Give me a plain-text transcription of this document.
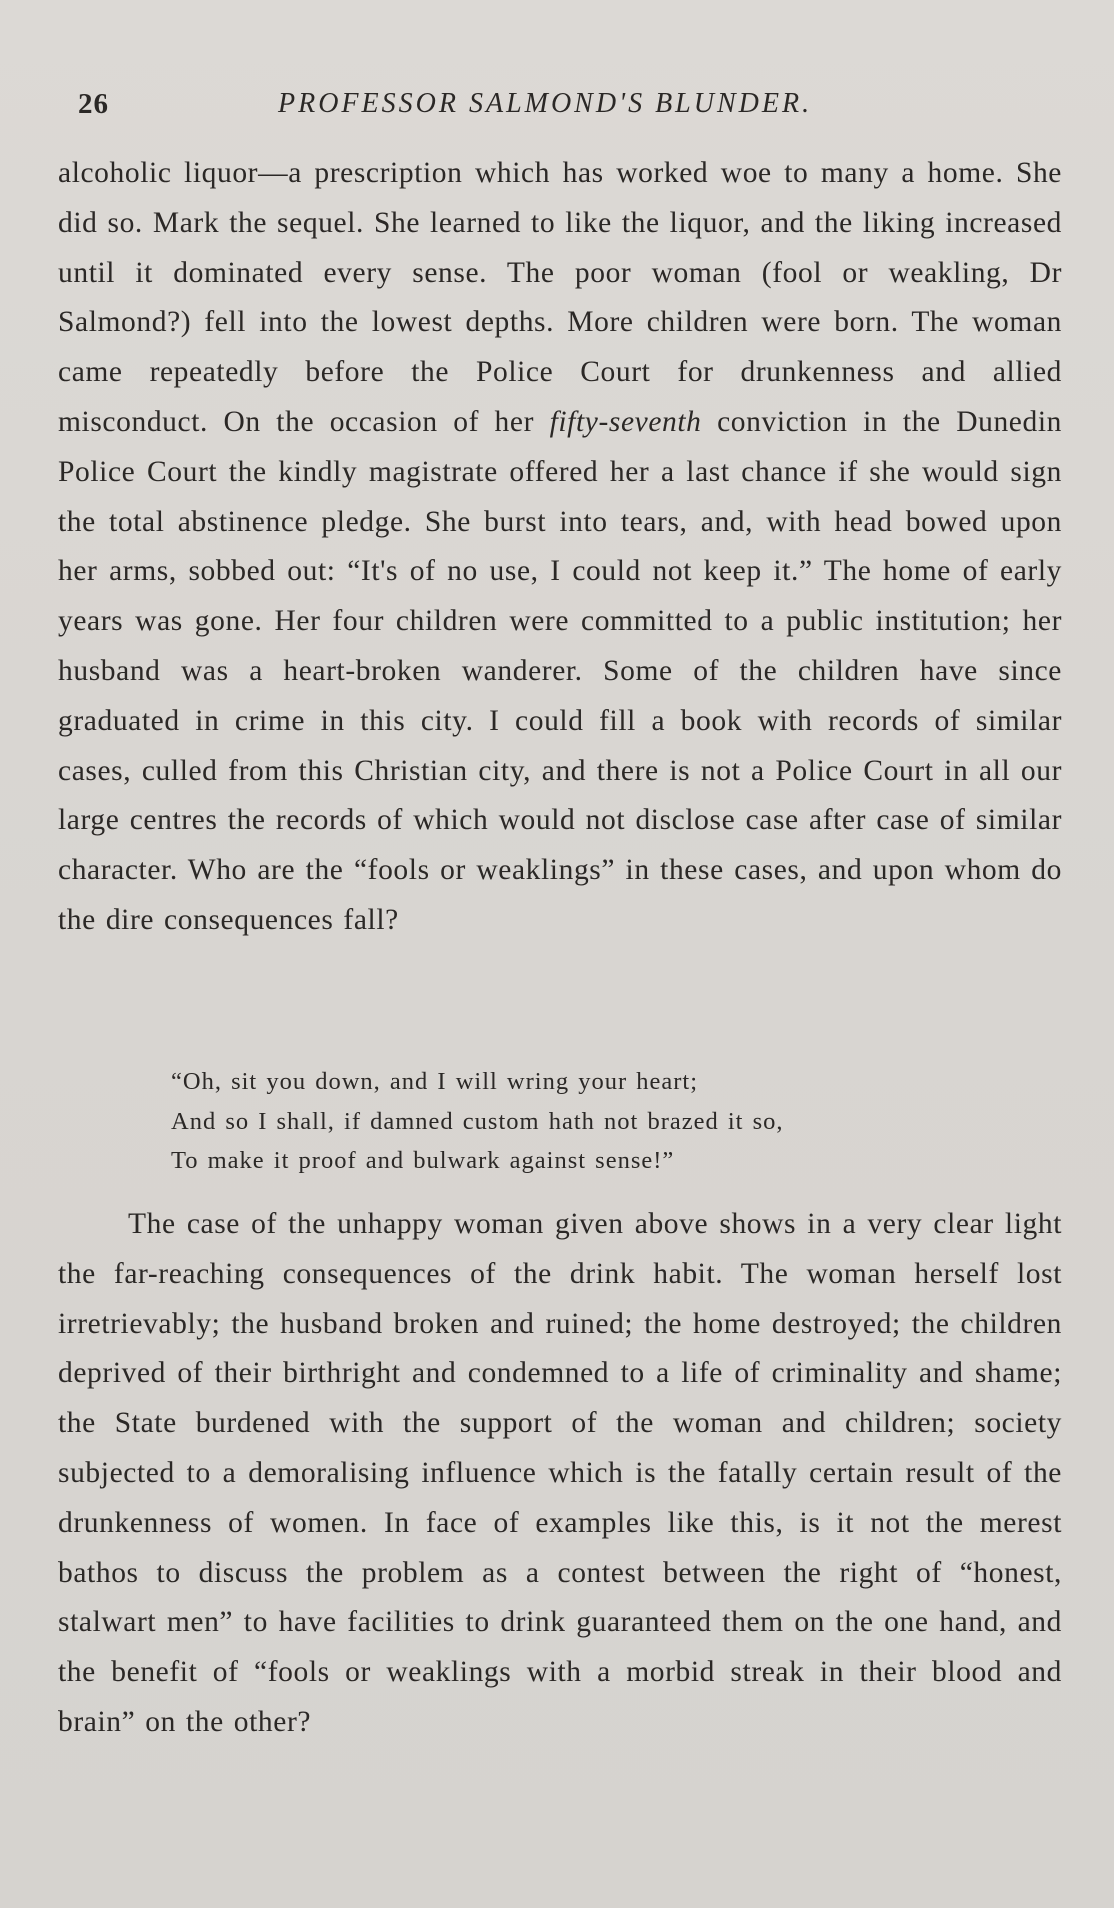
26	PROFESSOR SALMOND'S BLUNDER.

alcoholic liquor—a prescription which has worked woe to many a home. She did so. Mark the sequel. She learned to like the liquor, and the liking increased until it dominated every sense. The poor woman (fool or weakling, Dr Salmond?) fell into the lowest depths. More children were born. The woman came repeatedly before the Police Court for drunkenness and allied misconduct. On the occasion of her fifty-seventh conviction in the Dunedin Police Court the kindly magistrate offered her a last chance if she would sign the total abstinence pledge. She burst into tears, and, with head bowed upon her arms, sobbed out: “It's of no use, I could not keep it.” The home of early years was gone. Her four children were committed to a public institution; her husband was a heart-broken wanderer. Some of the children have since graduated in crime in this city. I could fill a book with records of similar cases, culled from this Christian city, and there is not a Police Court in all our large centres the records of which would not disclose case after case of similar character. Who are the “fools or weaklings” in these cases, and upon whom do the dire consequences fall?

“Oh, sit you down, and I will wring your heart;
And so I shall, if damned custom hath not brazed it so,
To make it proof and bulwark against sense!”

The case of the unhappy woman given above shows in a very clear light the far-reaching consequences of the drink habit. The woman herself lost irretrievably; the husband broken and ruined; the home destroyed; the children deprived of their birthright and condemned to a life of criminality and shame; the State burdened with the support of the woman and children; society subjected to a demoralising influence which is the fatally certain result of the drunkenness of women. In face of examples like this, is it not the merest bathos to discuss the problem as a contest between the right of “honest, stalwart men” to have facilities to drink guaranteed them on the one hand, and the benefit of “fools or weaklings with a morbid streak in their blood and brain” on the other?
